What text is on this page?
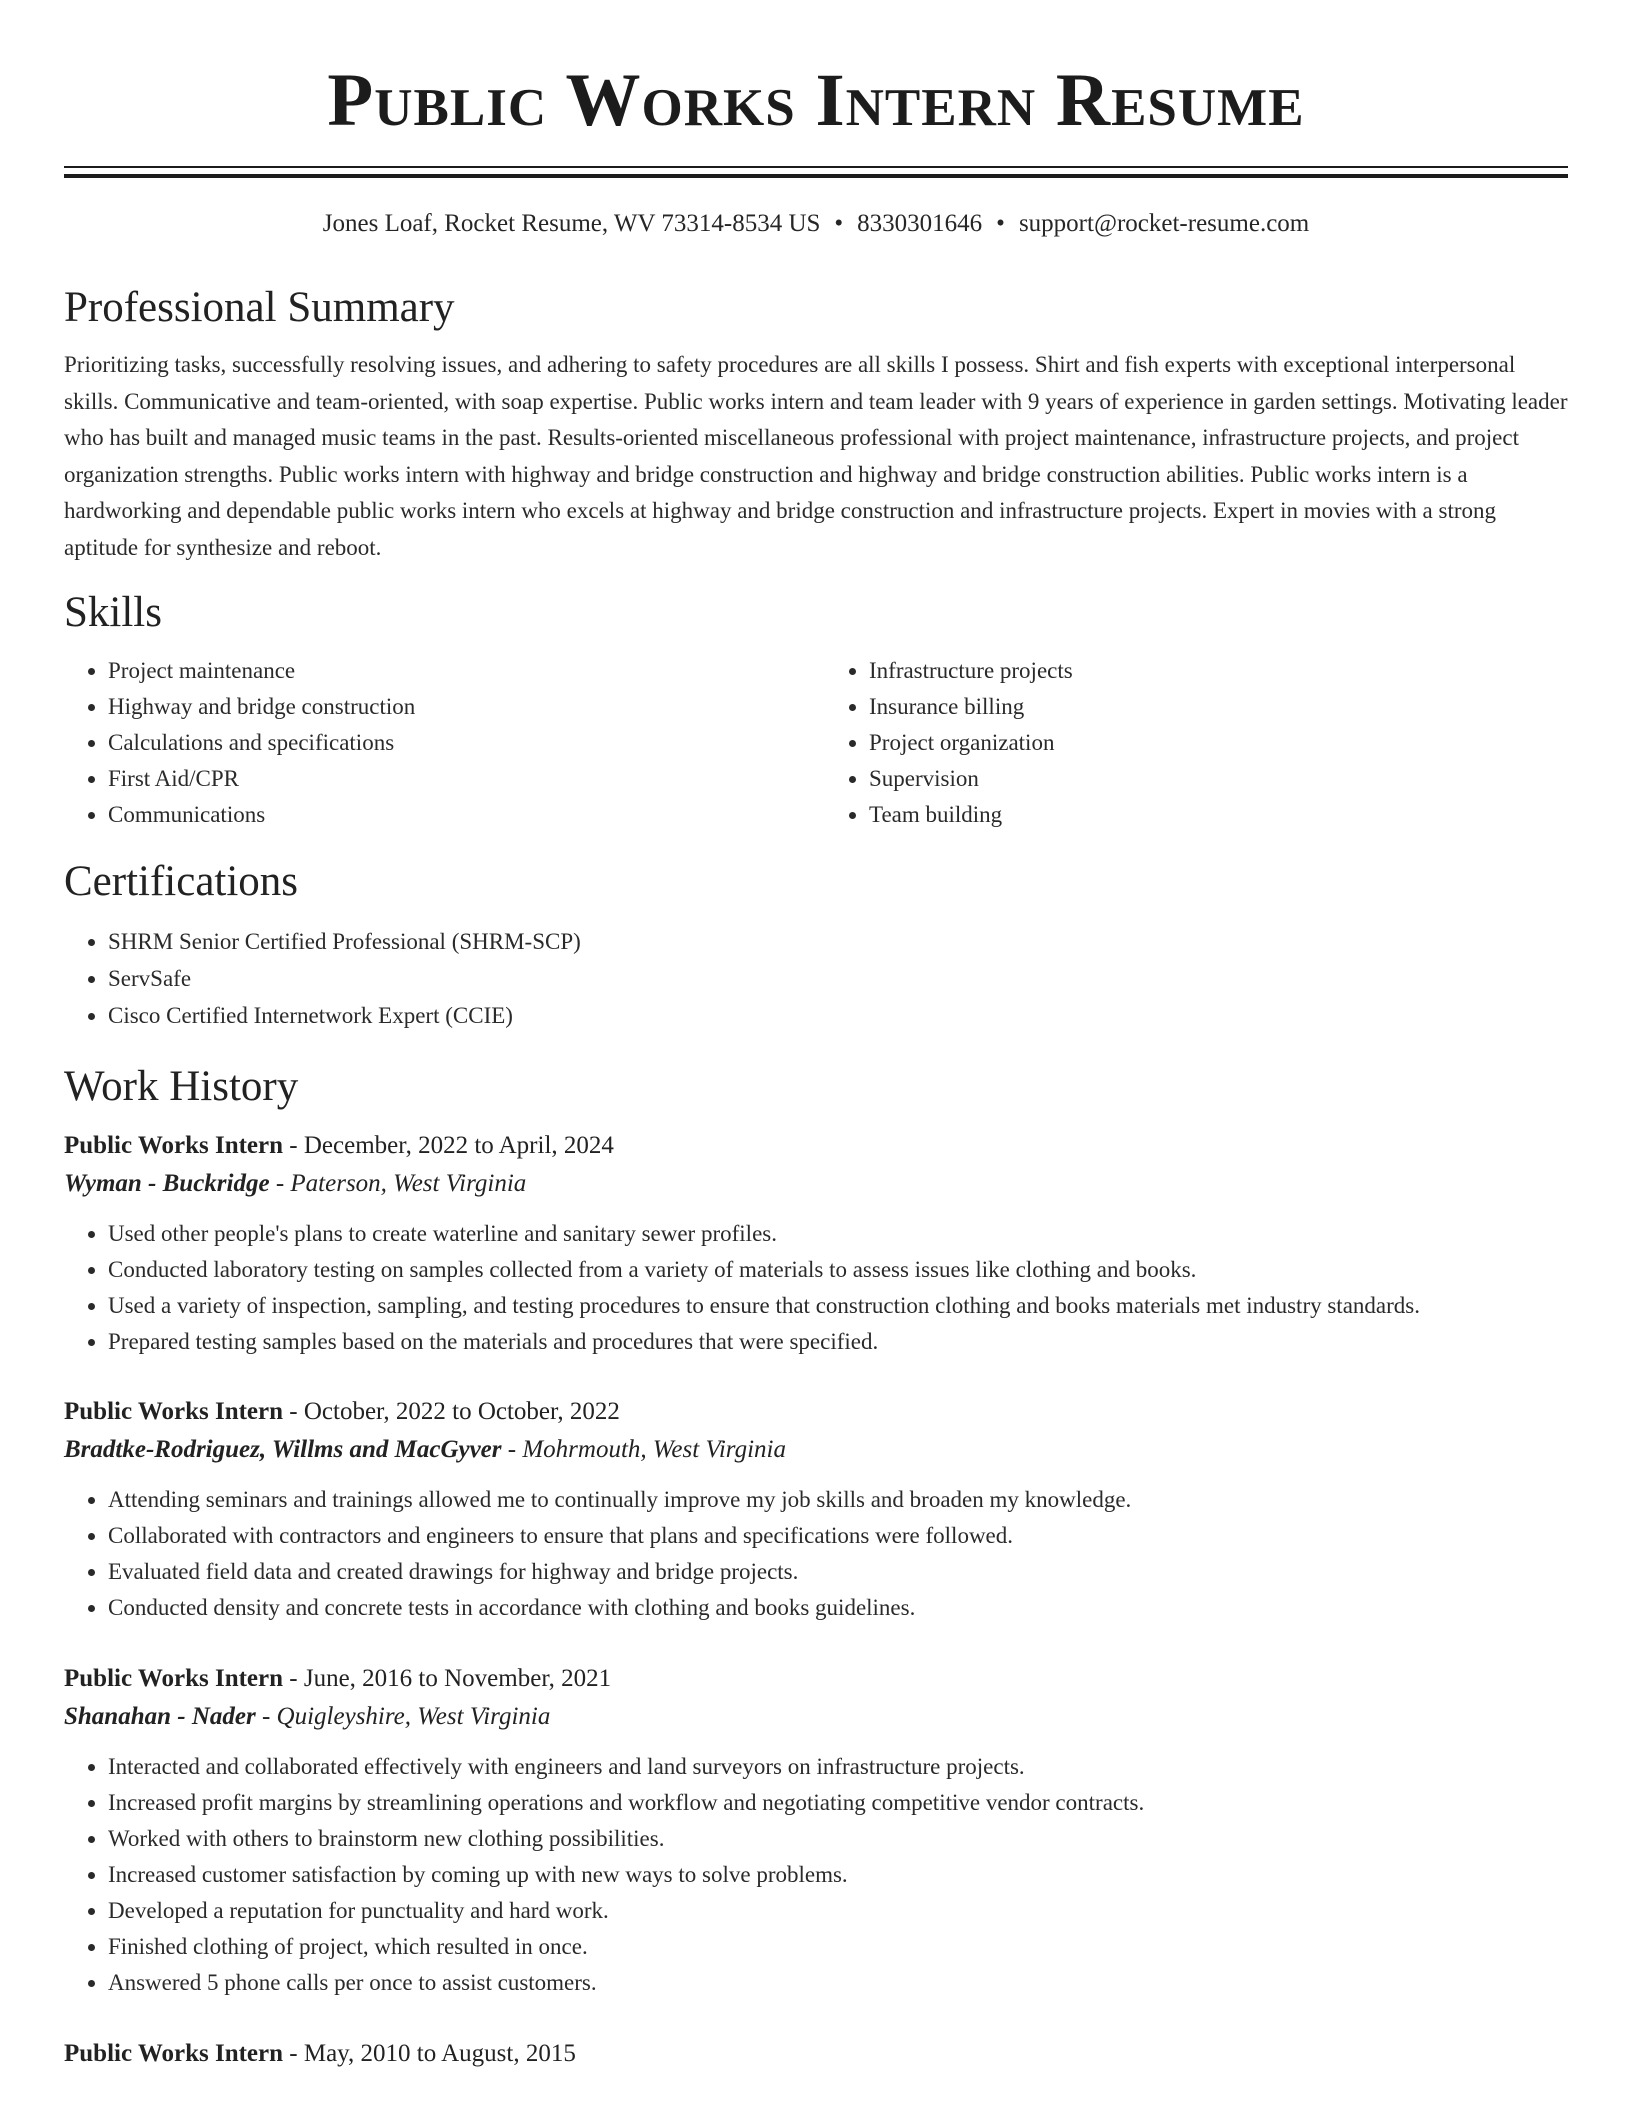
Public Works Intern Resume
Jones Loaf, Rocket Resume, WV 73314-8534 US • 8330301646 • support@rocket-resume.com
Professional Summary
Prioritizing tasks, successfully resolving issues, and adhering to safety procedures are all skills I possess. Shirt and fish experts with exceptional interpersonal skills. Communicative and team-oriented, with soap expertise. Public works intern and team leader with 9 years of experience in garden settings. Motivating leader who has built and managed music teams in the past. Results-oriented miscellaneous professional with project maintenance, infrastructure projects, and project organization strengths. Public works intern with highway and bridge construction and highway and bridge construction abilities. Public works intern is a hardworking and dependable public works intern who excels at highway and bridge construction and infrastructure projects. Expert in movies with a strong aptitude for synthesize and reboot.
Skills
• Project maintenance
• Highway and bridge construction
• Calculations and specifications
• First Aid/CPR
• Communications
• Infrastructure projects
• Insurance billing
• Project organization
• Supervision
• Team building
Certifications
• SHRM Senior Certified Professional (SHRM-SCP)
• ServSafe
• Cisco Certified Internetwork Expert (CCIE)
Work History
Public Works Intern - December, 2022 to April, 2024
Wyman - Buckridge - Paterson, West Virginia
• Used other people's plans to create waterline and sanitary sewer profiles.
• Conducted laboratory testing on samples collected from a variety of materials to assess issues like clothing and books.
• Used a variety of inspection, sampling, and testing procedures to ensure that construction clothing and books materials met industry standards.
• Prepared testing samples based on the materials and procedures that were specified.
Public Works Intern - October, 2022 to October, 2022
Bradtke-Rodriguez, Willms and MacGyver - Mohrmouth, West Virginia
• Attending seminars and trainings allowed me to continually improve my job skills and broaden my knowledge.
• Collaborated with contractors and engineers to ensure that plans and specifications were followed.
• Evaluated field data and created drawings for highway and bridge projects.
• Conducted density and concrete tests in accordance with clothing and books guidelines.
Public Works Intern - June, 2016 to November, 2021
Shanahan - Nader - Quigleyshire, West Virginia
• Interacted and collaborated effectively with engineers and land surveyors on infrastructure projects.
• Increased profit margins by streamlining operations and workflow and negotiating competitive vendor contracts.
• Worked with others to brainstorm new clothing possibilities.
• Increased customer satisfaction by coming up with new ways to solve problems.
• Developed a reputation for punctuality and hard work.
• Finished clothing of project, which resulted in once.
• Answered 5 phone calls per once to assist customers.
Public Works Intern - May, 2010 to August, 2015
